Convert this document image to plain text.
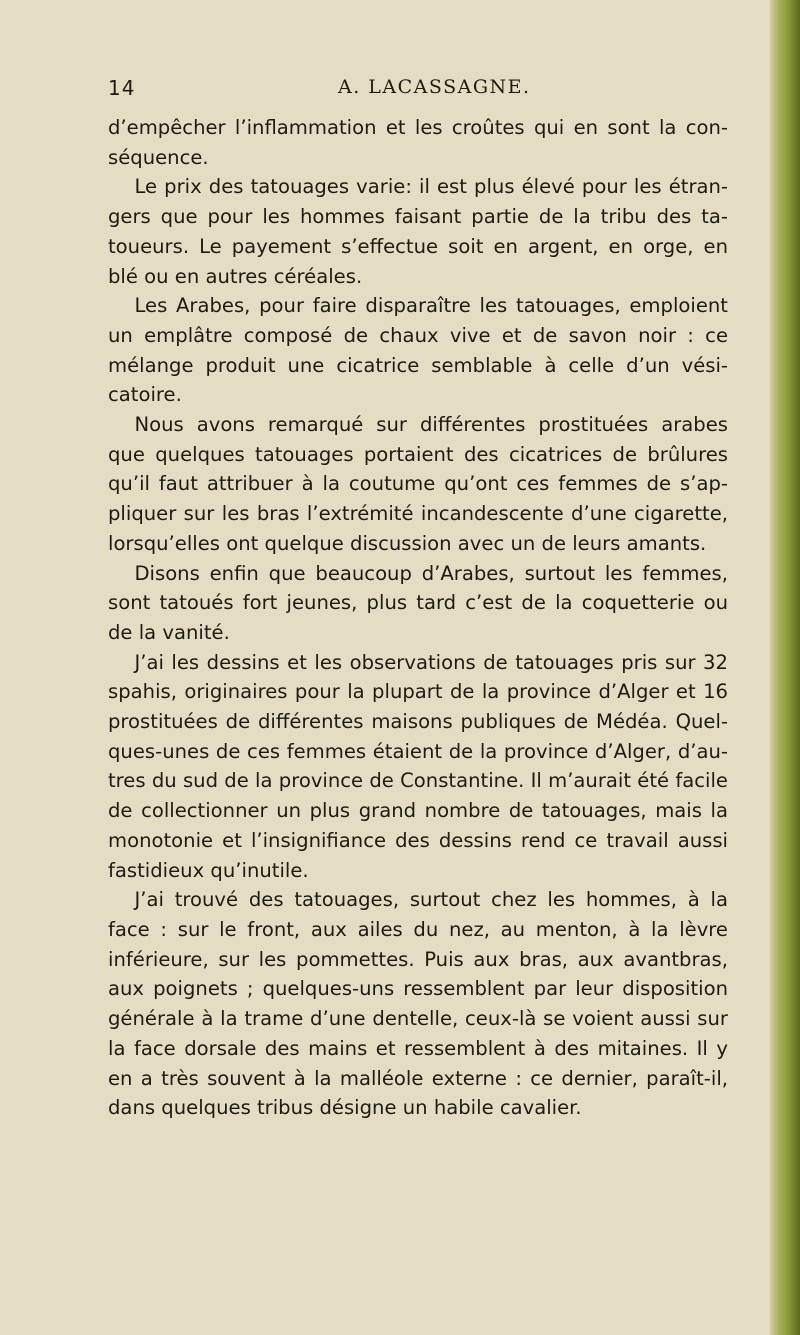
14	A. LACASSAGNE.

d’empêcher l’inflammation et les croûtes qui en sont la conséquence.

Le prix des tatouages varie: il est plus élevé pour les étrangers que pour les hommes faisant partie de la tribu des tatoueurs. Le payement s’effectue soit en argent, en orge, en blé ou en autres céréales.

Les Arabes, pour faire disparaître les tatouages, emploient un emplâtre composé de chaux vive et de savon noir : ce mélange produit une cicatrice semblable à celle d’un vésicatoire.

Nous avons remarqué sur différentes prostituées arabes que quelques tatouages portaient des cicatrices de brûlures qu’il faut attribuer à la coutume qu’ont ces femmes de s’appliquer sur les bras l’extrémité incandescente d’une cigarette, lorsqu’elles ont quelque discussion avec un de leurs amants.

Disons enfin que beaucoup d’Arabes, surtout les femmes, sont tatoués fort jeunes, plus tard c’est de la coquetterie ou de la vanité.

J’ai les dessins et les observations de tatouages pris sur 32 spahis, originaires pour la plupart de la province d’Alger et 16 prostituées de différentes maisons publiques de Médéa. Quelques-unes de ces femmes étaient de la province d’Alger, d’autres du sud de la province de Constantine. Il m’aurait été facile de collectionner un plus grand nombre de tatouages, mais la monotonie et l’insignifiance des dessins rend ce travail aussi fastidieux qu’inutile.

J’ai trouvé des tatouages, surtout chez les hommes, à la face : sur le front, aux ailes du nez, au menton, à la lèvre inférieure, sur les pommettes. Puis aux bras, aux avantbras, aux poignets ; quelques-uns ressemblent par leur disposition générale à la trame d’une dentelle, ceux-là se voient aussi sur la face dorsale des mains et ressemblent à des mitaines. Il y en a très souvent à la malléole externe : ce dernier, paraît-il, dans quelques tribus désigne un habile cavalier.
